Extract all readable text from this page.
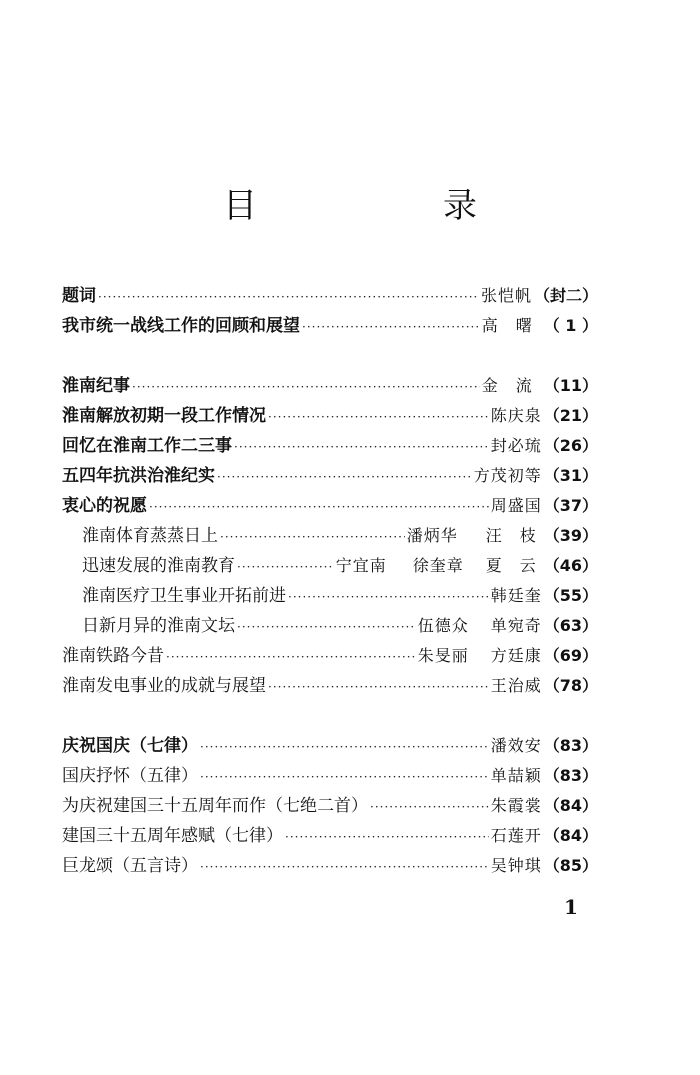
目　录
题词 ·····	张恺帆 （封二）
我市统一战线工作的回顾和展望 ·····	高　曙 （ 1 ）
淮南纪事 ·····	金　流 （11）
淮南解放初期一段工作情况 ·····	陈庆泉 （21）
回忆在淮南工作二三事 ·····	封必琉 （26）
五四年抗洪治淮纪实 ·····	方茂初等 （31）
衷心的祝愿 ·····	周盛国 （37）
淮南体育蒸蒸日上 ·····	潘炳华 汪　枝 （39）
迅速发展的淮南教育 ·····	宁宜南 徐奎章 夏　云 （46）
淮南医疗卫生事业开拓前进 ·····	韩廷奎 （55）
日新月异的淮南文坛 ·····	伍德众 单宛奇 （63）
淮南铁路今昔 ·····	朱旻丽 方廷康 （69）
淮南发电事业的成就与展望 ·····	王治威 （78）
庆祝国庆（七律） ·····	潘效安 （83）
国庆抒怀（五律） ·····	单喆颖 （83）
为庆祝建国三十五周年而作（七绝二首） ·····	朱霞裳 （84）
建国三十五周年感赋（七律） ·····	石莲开 （84）
巨龙颂（五言诗） ·····	吴钟琪 （85）
1
